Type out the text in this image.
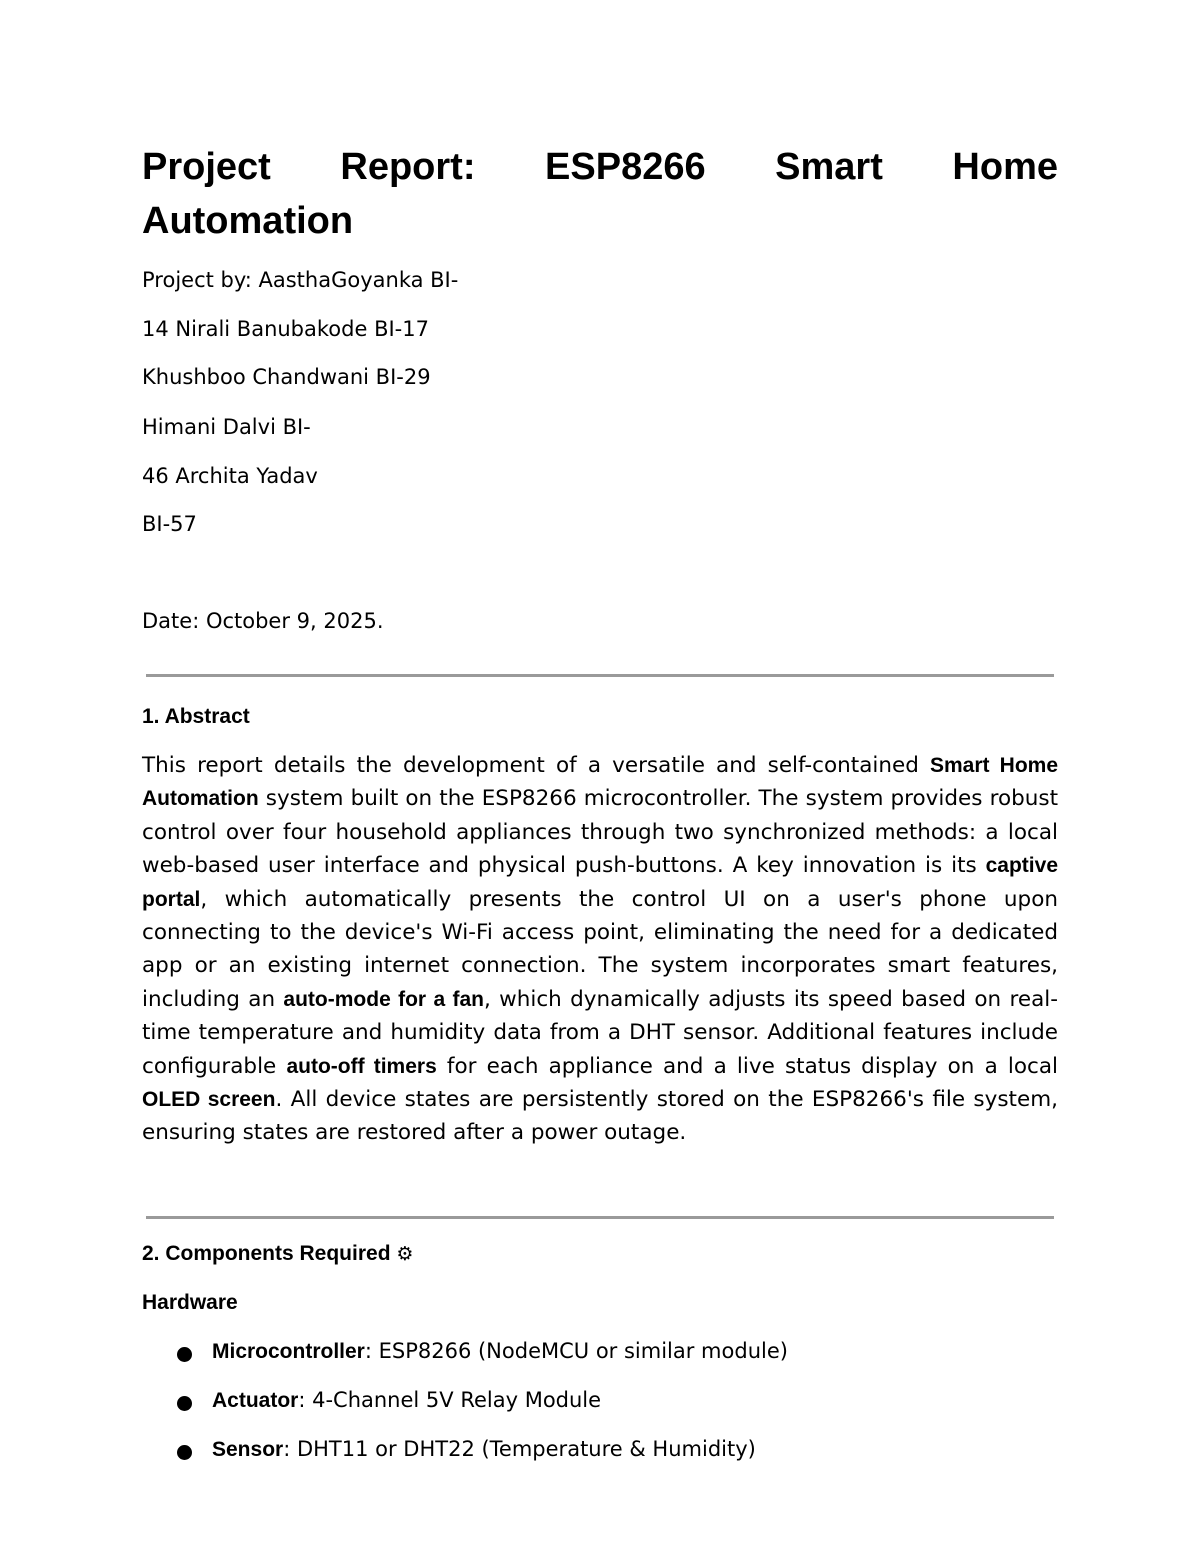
Project Report: ESP8266 Smart Home
Automation

Project by: AasthaGoyanka BI-

14 Nirali Banubakode BI-17

Khushboo Chandwani BI-29

Himani Dalvi BI-

46 Archita Yadav

BI-57

Date: October 9, 2025.

1. Abstract

This report details the development of a versatile and self-contained Smart Home Automation system built on the ESP8266 microcontroller. The system provides robust control over four household appliances through two synchronized methods: a local web-based user interface and physical push-buttons. A key innovation is its captive portal, which automatically presents the control UI on a user's phone upon connecting to the device's Wi-Fi access point, eliminating the need for a dedicated app or an existing internet connection. The system incorporates smart features, including an auto-mode for a fan, which dynamically adjusts its speed based on real-time temperature and humidity data from a DHT sensor. Additional features include configurable auto-off timers for each appliance and a live status display on a local OLED screen. All device states are persistently stored on the ESP8266's file system, ensuring states are restored after a power outage.

2. Components Required ⚙
Hardware
Microcontroller: ESP8266 (NodeMCU or similar module)
Actuator: 4-Channel 5V Relay Module
Sensor: DHT11 or DHT22 (Temperature & Humidity)
